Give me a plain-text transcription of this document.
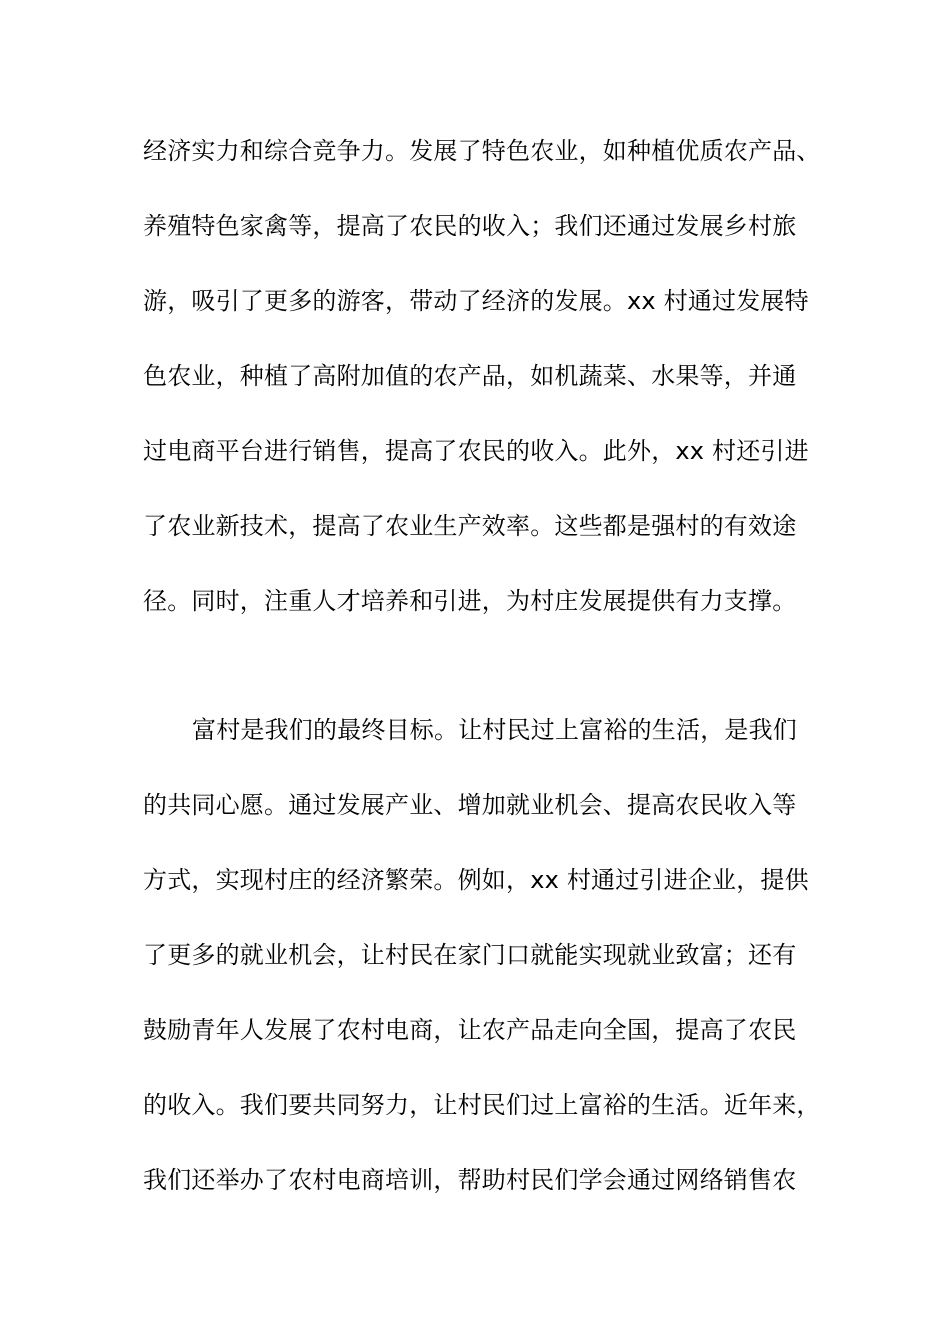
经济实力和综合竞争力。发展了特色农业，如种植优质农产品、
养殖特色家禽等，提高了农民的收入；我们还通过发展乡村旅
游，吸引了更多的游客，带动了经济的发展。xx 村通过发展特
色农业，种植了高附加值的农产品，如机蔬菜、水果等，并通
过电商平台进行销售，提高了农民的收入。此外，xx 村还引进
了农业新技术，提高了农业生产效率。这些都是强村的有效途
径。同时，注重人才培养和引进，为村庄发展提供有力支撑。
富村是我们的最终目标。让村民过上富裕的生活，是我们
的共同心愿。通过发展产业、增加就业机会、提高农民收入等
方式，实现村庄的经济繁荣。例如，xx 村通过引进企业，提供
了更多的就业机会，让村民在家门口就能实现就业致富；还有
鼓励青年人发展了农村电商，让农产品走向全国，提高了农民
的收入。我们要共同努力，让村民们过上富裕的生活。近年来，
我们还举办了农村电商培训，帮助村民们学会通过网络销售农
